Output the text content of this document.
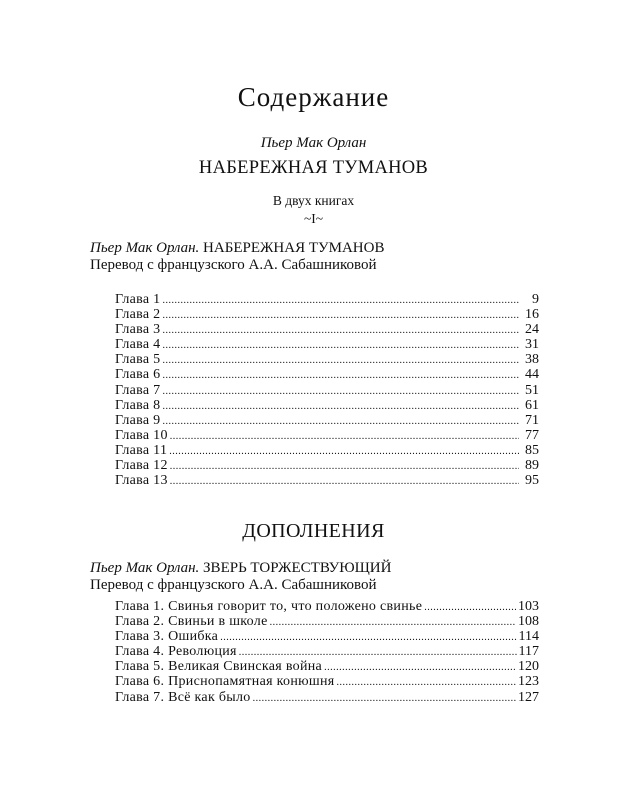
Содержание
Пьер Мак Орлан
НАБЕРЕЖНАЯ ТУМАНОВ
В двух книгах
~I~
Пьер Мак Орлан. НАБЕРЕЖНАЯ ТУМАНОВ
Перевод с французского А.А. Сабашниковой
Глава 1 .....	9
Глава 2 .....	16
Глава 3 .....	24
Глава 4 .....	31
Глава 5 .....	38
Глава 6 .....	44
Глава 7 .....	51
Глава 8 .....	61
Глава 9 .....	71
Глава 10 .....	77
Глава 11 .....	85
Глава 12 .....	89
Глава 13 .....	95
ДОПОЛНЕНИЯ
Пьер Мак Орлан. ЗВЕРЬ ТОРЖЕСТВУЮЩИЙ
Перевод с французского А.А. Сабашниковой
Глава 1. Свинья говорит то, что положено свинье .....	103
Глава 2. Свиньи в школе .....	108
Глава 3. Ошибка .....	114
Глава 4. Революция .....	117
Глава 5. Великая Свинская война .....	120
Глава 6. Приснопамятная конюшня .....	123
Глава 7. Всё как было .....	127
